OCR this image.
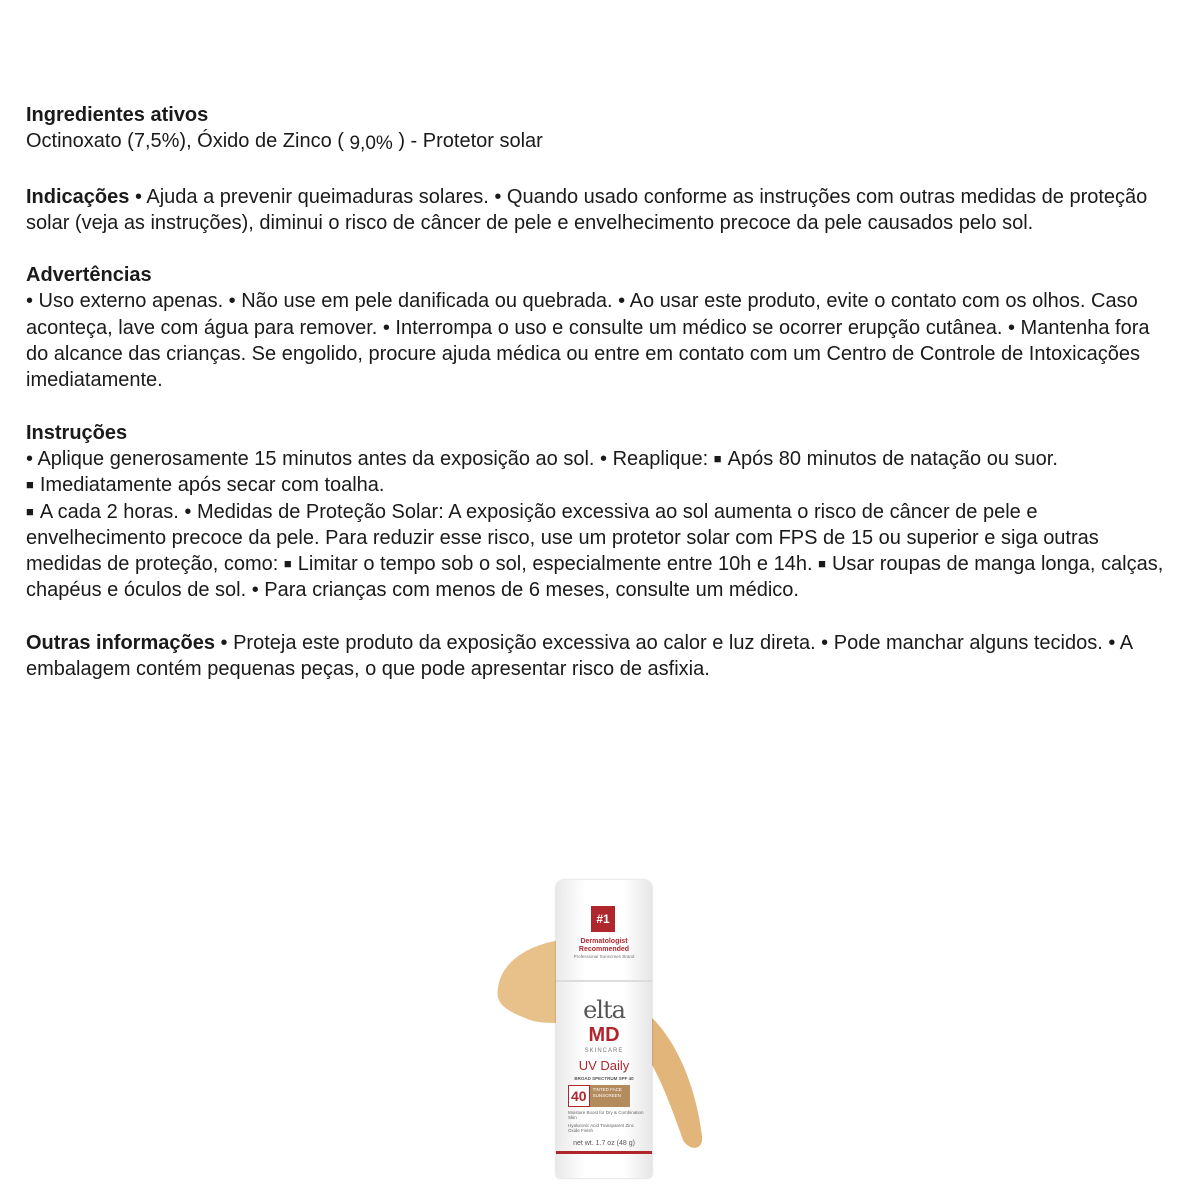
Ingredientes ativos

Octinoxato (7,5%), Óxido de Zinco ( 9,0% ) - Protetor solar

Indicações • Ajuda a prevenir queimaduras solares. • Quando usado conforme as instruções com outras medidas de proteção solar (veja as instruções), diminui o risco de câncer de pele e envelhecimento precoce da pele causados pelo sol.

Advertências

• Uso externo apenas. • Não use em pele danificada ou quebrada. • Ao usar este produto, evite o contato com os olhos. Caso aconteça, lave com água para remover. • Interrompa o uso e consulte um médico se ocorrer erupção cutânea. • Mantenha fora do alcance das crianças. Se engolido, procure ajuda médica ou entre em contato com um Centro de Controle de Intoxicações imediatamente.

Instruções

• Aplique generosamente 15 minutos antes da exposição ao sol. • Reaplique: ■ Após 80 minutos de natação ou suor.

■ Imediatamente após secar com toalha.

■ A cada 2 horas. • Medidas de Proteção Solar: A exposição excessiva ao sol aumenta o risco de câncer de pele e envelhecimento precoce da pele. Para reduzir esse risco, use um protetor solar com FPS de 15 ou superior e siga outras medidas de proteção, como: ■ Limitar o tempo sob o sol, especialmente entre 10h e 14h. ■ Usar roupas de manga longa, calças, chapéus e óculos de sol. • Para crianças com menos de 6 meses, consulte um médico.

Outras informações • Proteja este produto da exposição excessiva ao calor e luz direta. • Pode manchar alguns tecidos. • A embalagem contém pequenas peças, o que pode apresentar risco de asfixia.

#1
Dermatologist Recommended
Professional Sunscreen Brand
elta
MD
SKINCARE
UV Daily
BROAD SPECTRUM SPF 40
40	TINTED FACE SUNSCREEN
Moisture Boost for Dry & Combination Skin
Hyaluronic Acid Transparent Zinc Oxide Finish
net wt. 1.7 oz (48 g)
